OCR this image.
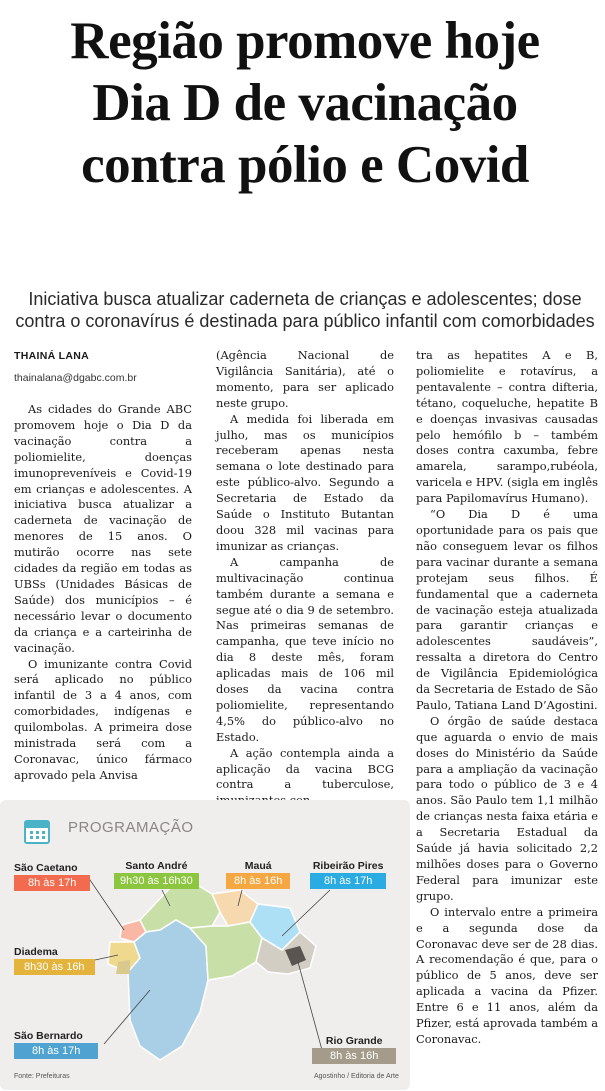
Região promove hoje
Dia D de vacinação
contra pólio e Covid
Iniciativa busca atualizar caderneta de crianças e adolescentes; dose
contra o coronavírus é destinada para público infantil com comorbidades
THAINÁ LANA
thainalana@dgabc.com.br

As cidades do Grande ABC promovem hoje o Dia D da vacinação contra a poliomielite, doenças imunopreveníveis e Covid-19 em crianças e adolescentes. A iniciativa busca atualizar a caderneta de vacinação de menores de 15 anos. O mutirão ocorre nas sete cidades da região em todas as UBSs (Unidades Básicas de Saúde) dos municípios – é necessário levar o documento da criança e a carteirinha de vacinação.

O imunizante contra Covid será aplicado no público infantil de 3 a 4 anos, com comorbidades, indígenas e quilombolas. A primeira dose ministrada será com a Coronavac, único fármaco aprovado pela Anvisa

(Agência Nacional de Vigilância Sanitária), até o momento, para ser aplicado neste grupo.

A medida foi liberada em julho, mas os municípios receberam apenas nesta semana o lote destinado para este público-alvo. Segundo a Secretaria de Estado da Saúde o Instituto Butantan doou 328 mil vacinas para imunizar as crianças.

A campanha de multivacinação continua também durante a semana e segue até o dia 9 de setembro. Nas primeiras semanas de campanha, que teve início no dia 8 deste mês, foram aplicadas mais de 106 mil doses da vacina contra poliomielite, representando 4,5% do público-alvo no Estado.

A ação contempla ainda a aplicação da vacina BCG contra a tuberculose,

tra as hepatites A e B, poliomielite e rotavírus, a pentavalente – contra difteria, tétano, coqueluche, hepatite B e doenças invasivas causadas pelo hemófilo b – também doses contra caxumba, febre amarela, sarampo,rubéola, varicela e HPV. (sigla em inglês para Papilomavírus Humano).

“O Dia D é uma oportunidade para os pais que não conseguem levar os filhos para vacinar durante a semana protejam seus filhos. É fundamental que a caderneta de vacinação esteja atualizada para garantir crianças e adolescentes saudáveis”, ressalta a diretora do Centro de Vigilância Epidemiológica da Secretaria de Estado de São Paulo, Tatiana Land D’Agostini.

O órgão de saúde destaca que aguarda o envio de mais doses do Ministério da Saúde para a ampliação da vacinação para todo o público de 3 e 4 anos. São Paulo tem 1,1 milhão de crianças nesta faixa etária e a Secretaria Estadual da Saúde já havia solicitado 2,2 milhões doses para o Governo Federal para imunizar este grupo.

O intervalo entre a primeira e a segunda dose da Coronavac deve ser de 28 dias. A recomendação é que, para o público de 5 anos, deve ser aplicada a vacina da Pfizer. Entre 6 e 11 anos, além da Pfizer, está aprovada também a Coronavac.

PROGRAMAÇÃO
Santo André
9h30 às 16h30
Mauá
8h às 16h
Ribeirão Pires
8h às 17h
São Caetano
8h às 17h
Diadema
8h30 às 16h
São Bernardo
8h às 17h
Rio Grande
8h às 16h
Fonte: Prefeituras	Agostinho / Editoria de Arte
